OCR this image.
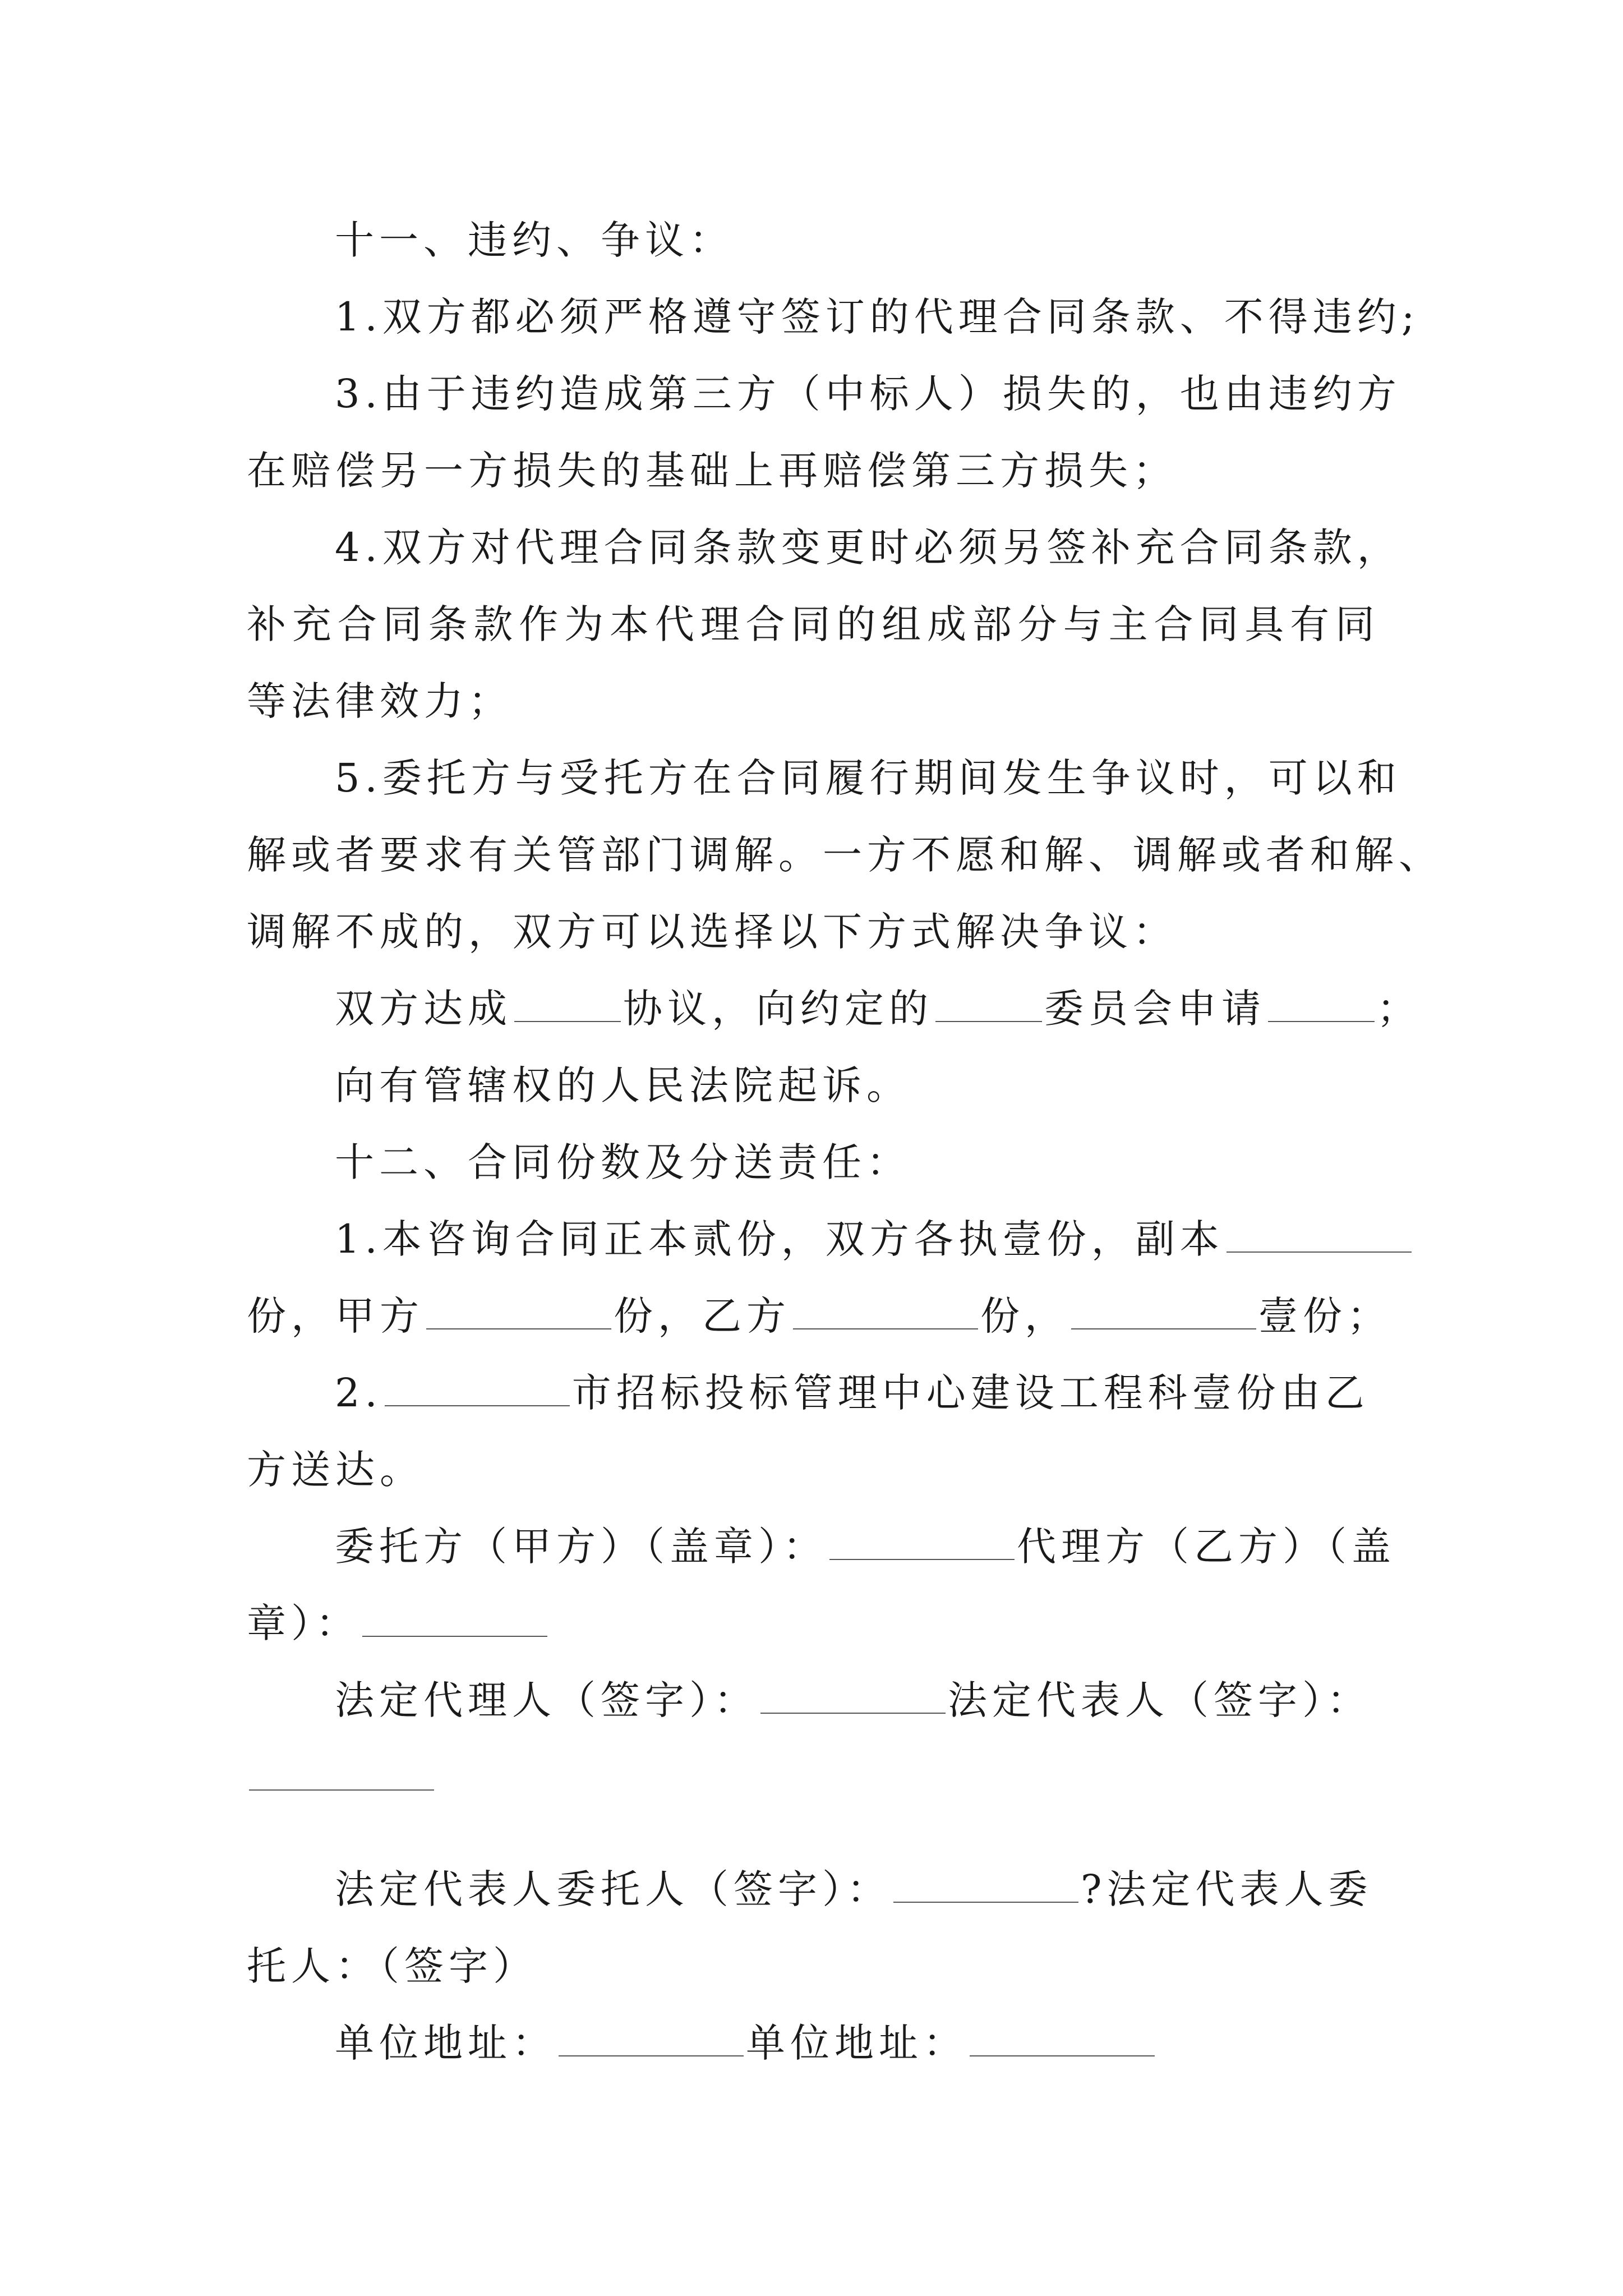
十一、违约、争议：
1.双方都必须严格遵守签订的代理合同条款、不得违约;
3.由于违约造成第三方（中标人）损失的，也由违约方
在赔偿另一方损失的基础上再赔偿第三方损失；
4.双方对代理合同条款变更时必须另签补充合同条款，
补充合同条款作为本代理合同的组成部分与主合同具有同
等法律效力；
5.委托方与受托方在合同履行期间发生争议时，可以和
解或者要求有关管部门调解。一方不愿和解、调解或者和解、
调解不成的，双方可以选择以下方式解决争议：
双方达成	协议，向约定的	委员会申请	；
向有管辖权的人民法院起诉。
十二、合同份数及分送责任：
1.本咨询合同正本贰份，双方各执壹份，副本
份，甲方	份，乙方	份，	壹份；
2.	市招标投标管理中心建设工程科壹份由乙
方送达。
委托方（甲方）（盖章）：	代理方（乙方）（盖
章）：
法定代理人（签字）：	法定代表人（签字）：
法定代表人委托人（签字）：	?法定代表人委
托人：（签字）
单位地址：	单位地址：
